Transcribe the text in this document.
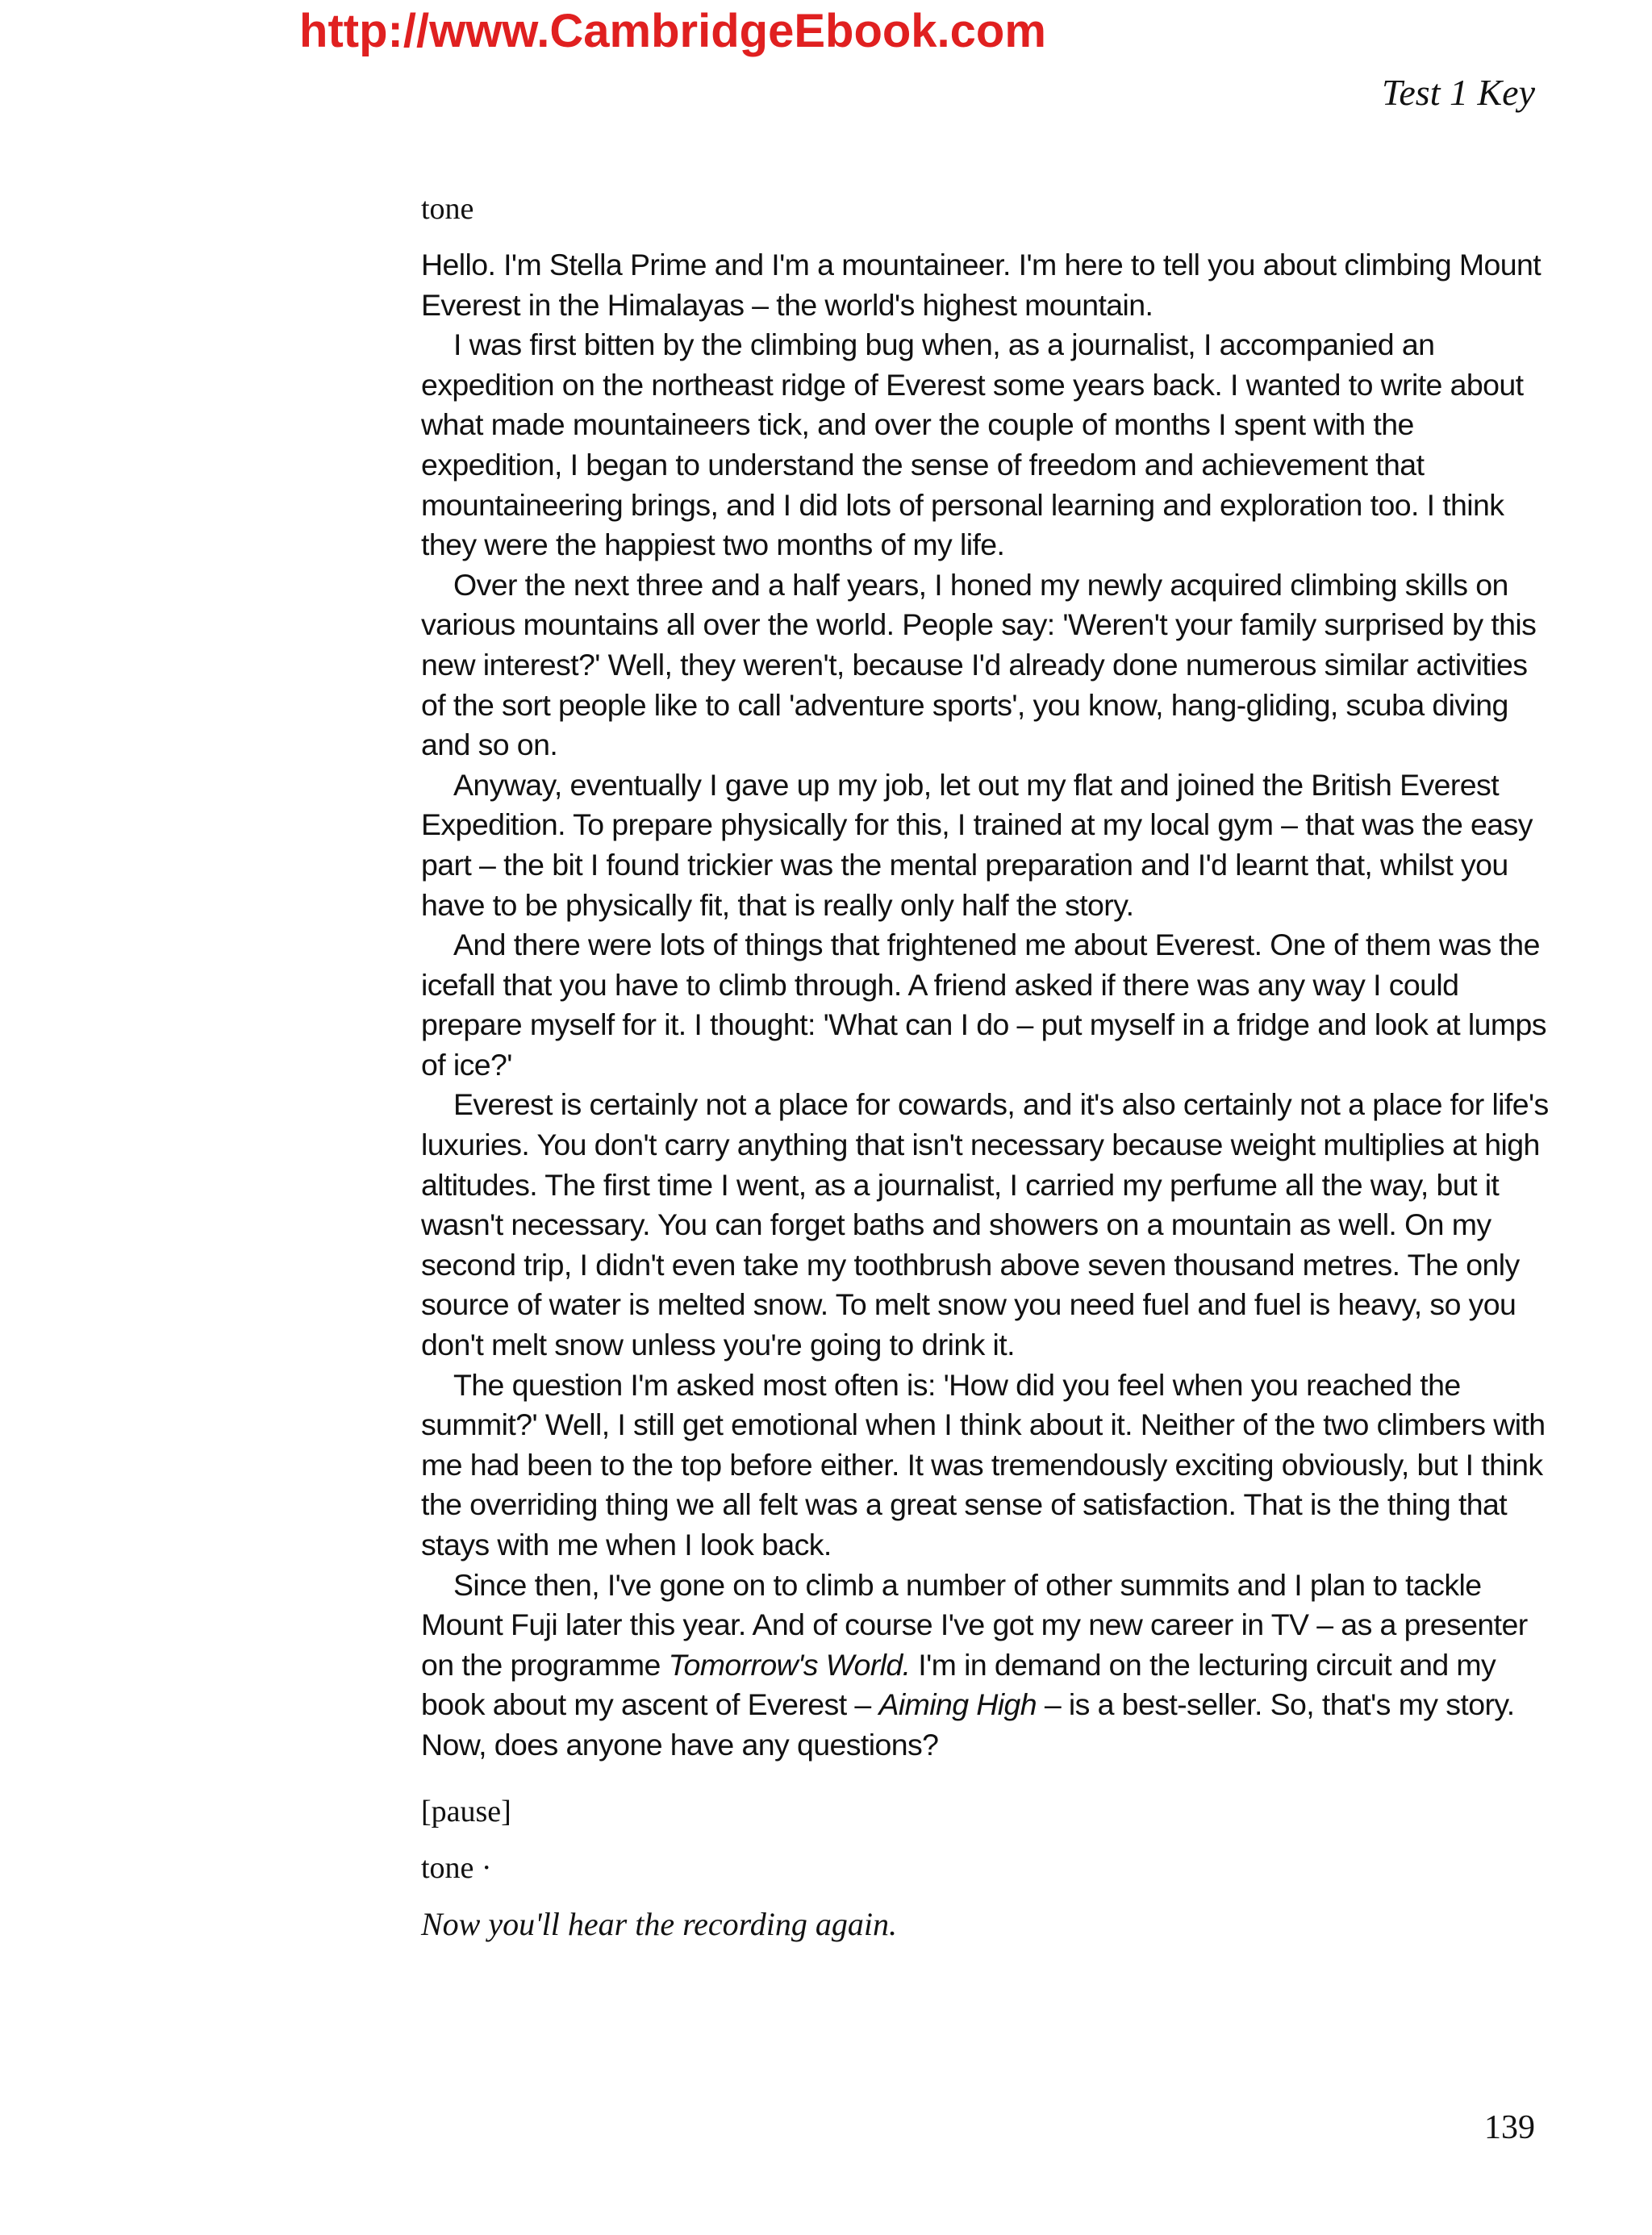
http://www.CambridgeEbook.com
Test 1 Key

tone

Hello. I'm Stella Prime and I'm a mountaineer. I'm here to tell you about climbing Mount Everest in the Himalayas – the world's highest mountain.

I was first bitten by the climbing bug when, as a journalist, I accompanied an expedition on the northeast ridge of Everest some years back. I wanted to write about what made mountaineers tick, and over the couple of months I spent with the expedition, I began to understand the sense of freedom and achievement that mountaineering brings, and I did lots of personal learning and exploration too. I think they were the happiest two months of my life.

Over the next three and a half years, I honed my newly acquired climbing skills on various mountains all over the world. People say: 'Weren't your family surprised by this new interest?' Well, they weren't, because I'd already done numerous similar activities of the sort people like to call 'adventure sports', you know, hang-gliding, scuba diving and so on.

Anyway, eventually I gave up my job, let out my flat and joined the British Everest Expedition. To prepare physically for this, I trained at my local gym – that was the easy part – the bit I found trickier was the mental preparation and I'd learnt that, whilst you have to be physically fit, that is really only half the story.

And there were lots of things that frightened me about Everest. One of them was the icefall that you have to climb through. A friend asked if there was any way I could prepare myself for it. I thought: 'What can I do – put myself in a fridge and look at lumps of ice?'

Everest is certainly not a place for cowards, and it's also certainly not a place for life's luxuries. You don't carry anything that isn't necessary because weight multiplies at high altitudes. The first time I went, as a journalist, I carried my perfume all the way, but it wasn't necessary. You can forget baths and showers on a mountain as well. On my second trip, I didn't even take my toothbrush above seven thousand metres. The only source of water is melted snow. To melt snow you need fuel and fuel is heavy, so you don't melt snow unless you're going to drink it.

The question I'm asked most often is: 'How did you feel when you reached the summit?' Well, I still get emotional when I think about it. Neither of the two climbers with me had been to the top before either. It was tremendously exciting obviously, but I think the overriding thing we all felt was a great sense of satisfaction. That is the thing that stays with me when I look back.

Since then, I've gone on to climb a number of other summits and I plan to tackle Mount Fuji later this year. And of course I've got my new career in TV – as a presenter on the programme Tomorrow's World. I'm in demand on the lecturing circuit and my book about my ascent of Everest – Aiming High – is a best-seller. So, that's my story. Now, does anyone have any questions?

[pause]

tone ·

Now you'll hear the recording again.

139
